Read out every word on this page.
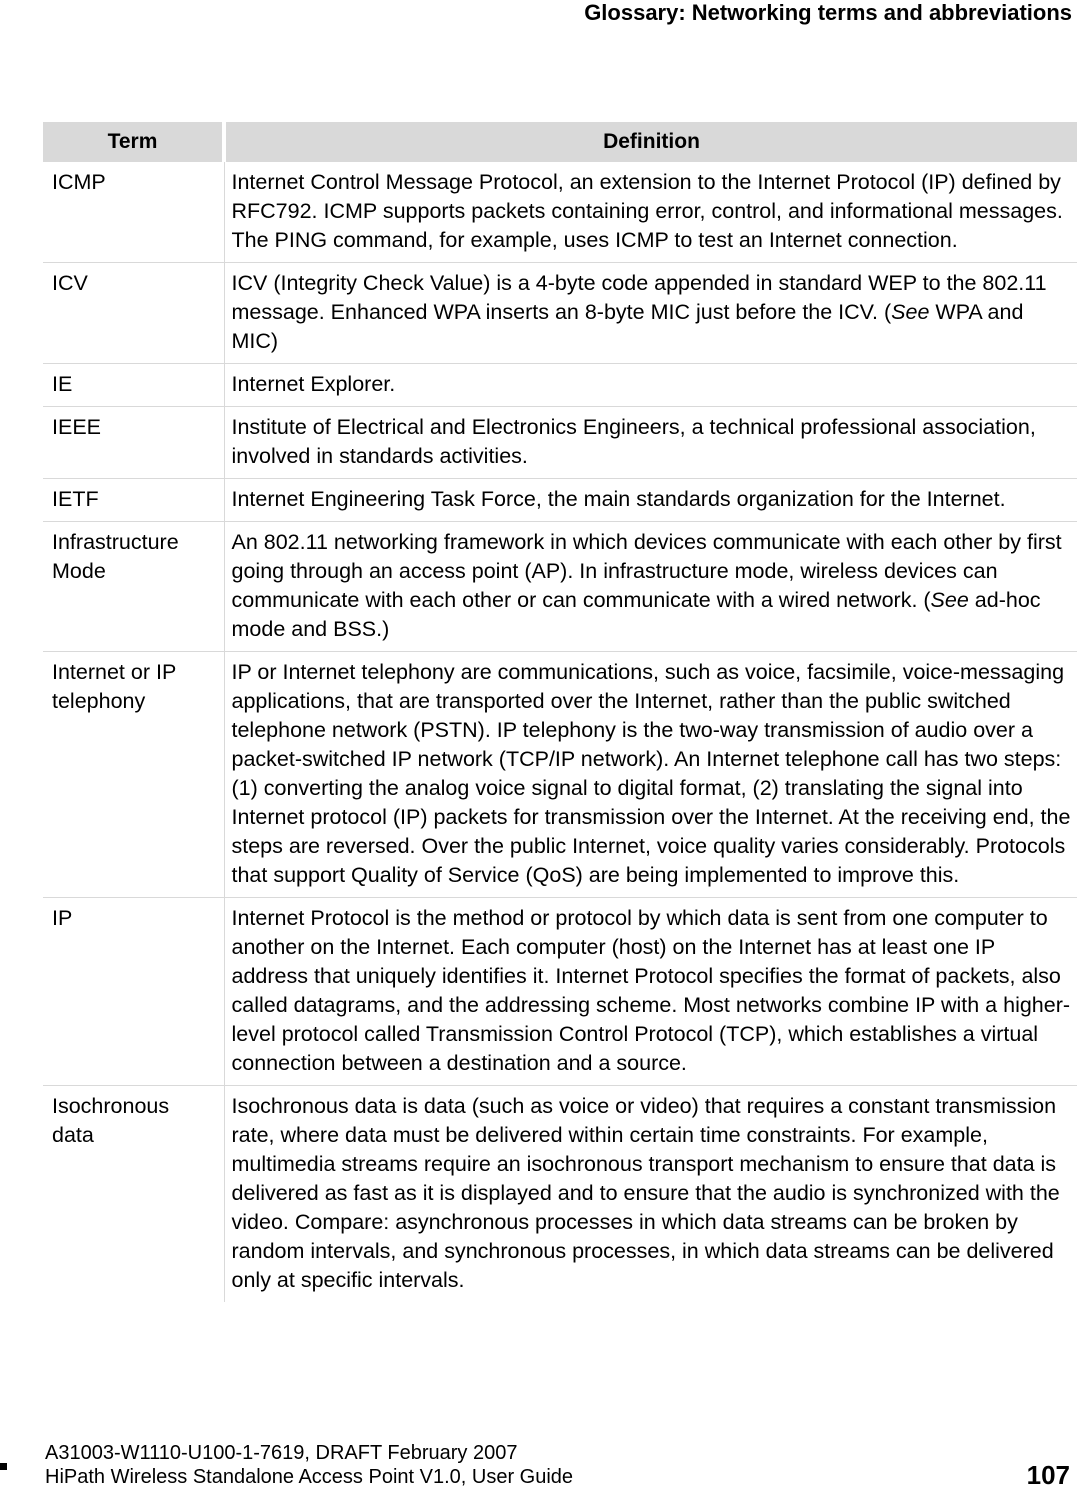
Glossary: Networking terms and abbreviations
Term	Definition
ICMP	Internet Control Message Protocol, an extension to the Internet Protocol (IP) defined by RFC792. ICMP supports packets containing error, control, and informational messages. The PING command, for example, uses ICMP to test an Internet connection.
ICV	ICV (Integrity Check Value) is a 4-byte code appended in standard WEP to the 802.11 message. Enhanced WPA inserts an 8-byte MIC just before the ICV. (See WPA and MIC)
IE	Internet Explorer.
IEEE	Institute of Electrical and Electronics Engineers, a technical professional association, involved in standards activities.
IETF	Internet Engineering Task Force, the main standards organization for the Internet.
Infrastructure
Mode	An 802.11 networking framework in which devices communicate with each other by first going through an access point (AP). In infrastructure mode, wireless devices can communicate with each other or can communicate with a wired network. (See ad-hoc mode and BSS.)
Internet or IP
telephony	IP or Internet telephony are communications, such as voice, facsimile, voice-messaging applications, that are transported over the Internet, rather than the public switched telephone network (PSTN). IP telephony is the two-way transmission of audio over a packet-switched IP network (TCP/IP network). An Internet telephone call has two steps: (1) converting the analog voice signal to digital format, (2) translating the signal into Internet protocol (IP) packets for transmission over the Internet. At the receiving end, the steps are reversed. Over the public Internet, voice quality varies considerably. Protocols that support Quality of Service (QoS) are being implemented to improve this.
IP	Internet Protocol is the method or protocol by which data is sent from one computer to another on the Internet. Each computer (host) on the Internet has at least one IP address that uniquely identifies it. Internet Protocol specifies the format of packets, also called datagrams, and the addressing scheme. Most networks combine IP with a higher-level protocol called Transmission Control Protocol (TCP), which establishes a virtual connection between a destination and a source.
Isochronous
data	Isochronous data is data (such as voice or video) that requires a constant transmission rate, where data must be delivered within certain time constraints. For example, multimedia streams require an isochronous transport mechanism to ensure that data is delivered as fast as it is displayed and to ensure that the audio is synchronized with the video. Compare: asynchronous processes in which data streams can be broken by random intervals, and synchronous processes, in which data streams can be delivered only at specific intervals.
A31003-W1110-U100-1-7619, DRAFT February 2007
HiPath Wireless Standalone Access Point V1.0, User Guide	107
